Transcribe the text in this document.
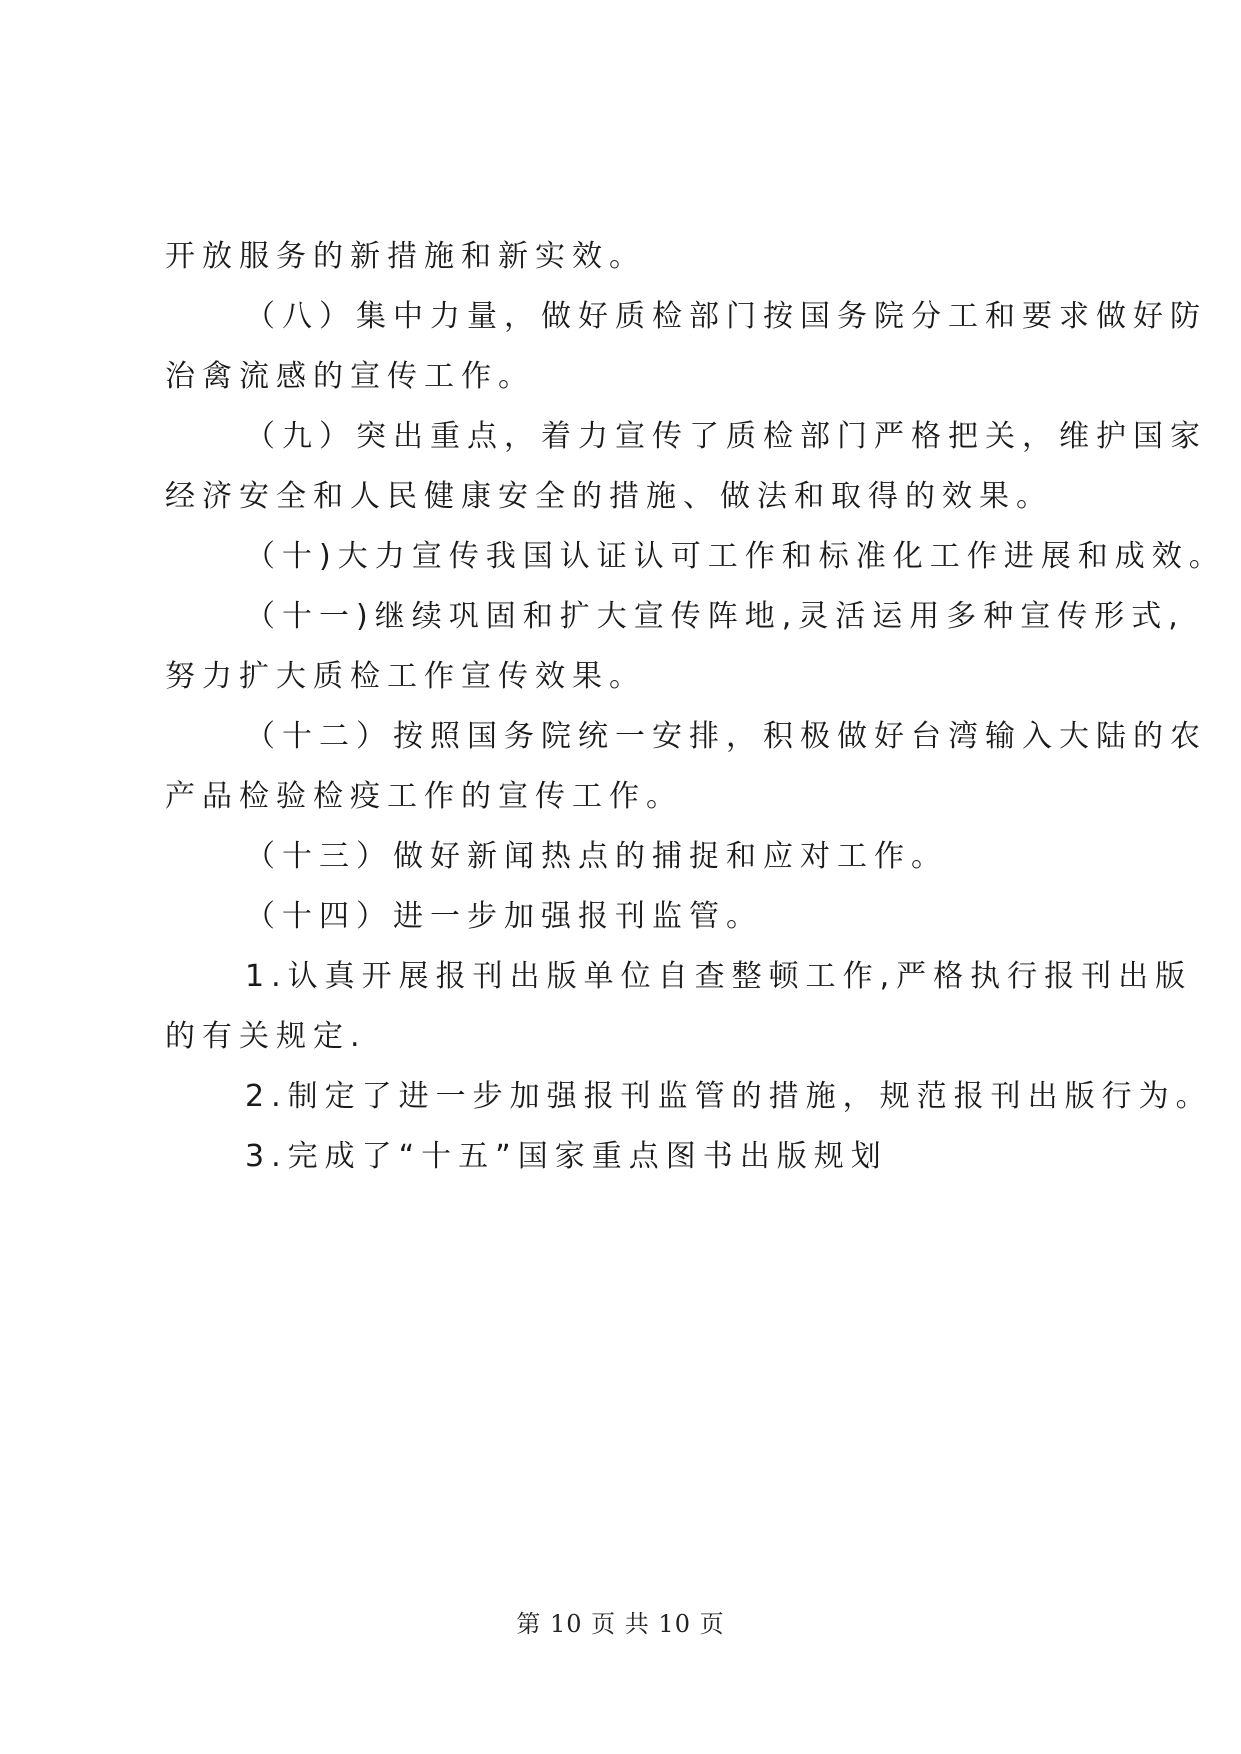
开放服务的新措施和新实效。
（八）集中力量，做好质检部门按国务院分工和要求做好防
治禽流感的宣传工作。
（九）突出重点，着力宣传了质检部门严格把关，维护国家
经济安全和人民健康安全的措施、做法和取得的效果。
（十)大力宣传我国认证认可工作和标准化工作进展和成效。
（十一)继续巩固和扩大宣传阵地,灵活运用多种宣传形式,
努力扩大质检工作宣传效果。
（十二）按照国务院统一安排，积极做好台湾输入大陆的农
产品检验检疫工作的宣传工作。
（十三）做好新闻热点的捕捉和应对工作。
（十四）进一步加强报刊监管。
1.认真开展报刊出版单位自查整顿工作,严格执行报刊出版
的有关规定.
2.制定了进一步加强报刊监管的措施，规范报刊出版行为。
3.完成了“十五”国家重点图书出版规划
第 10 页 共 10 页
